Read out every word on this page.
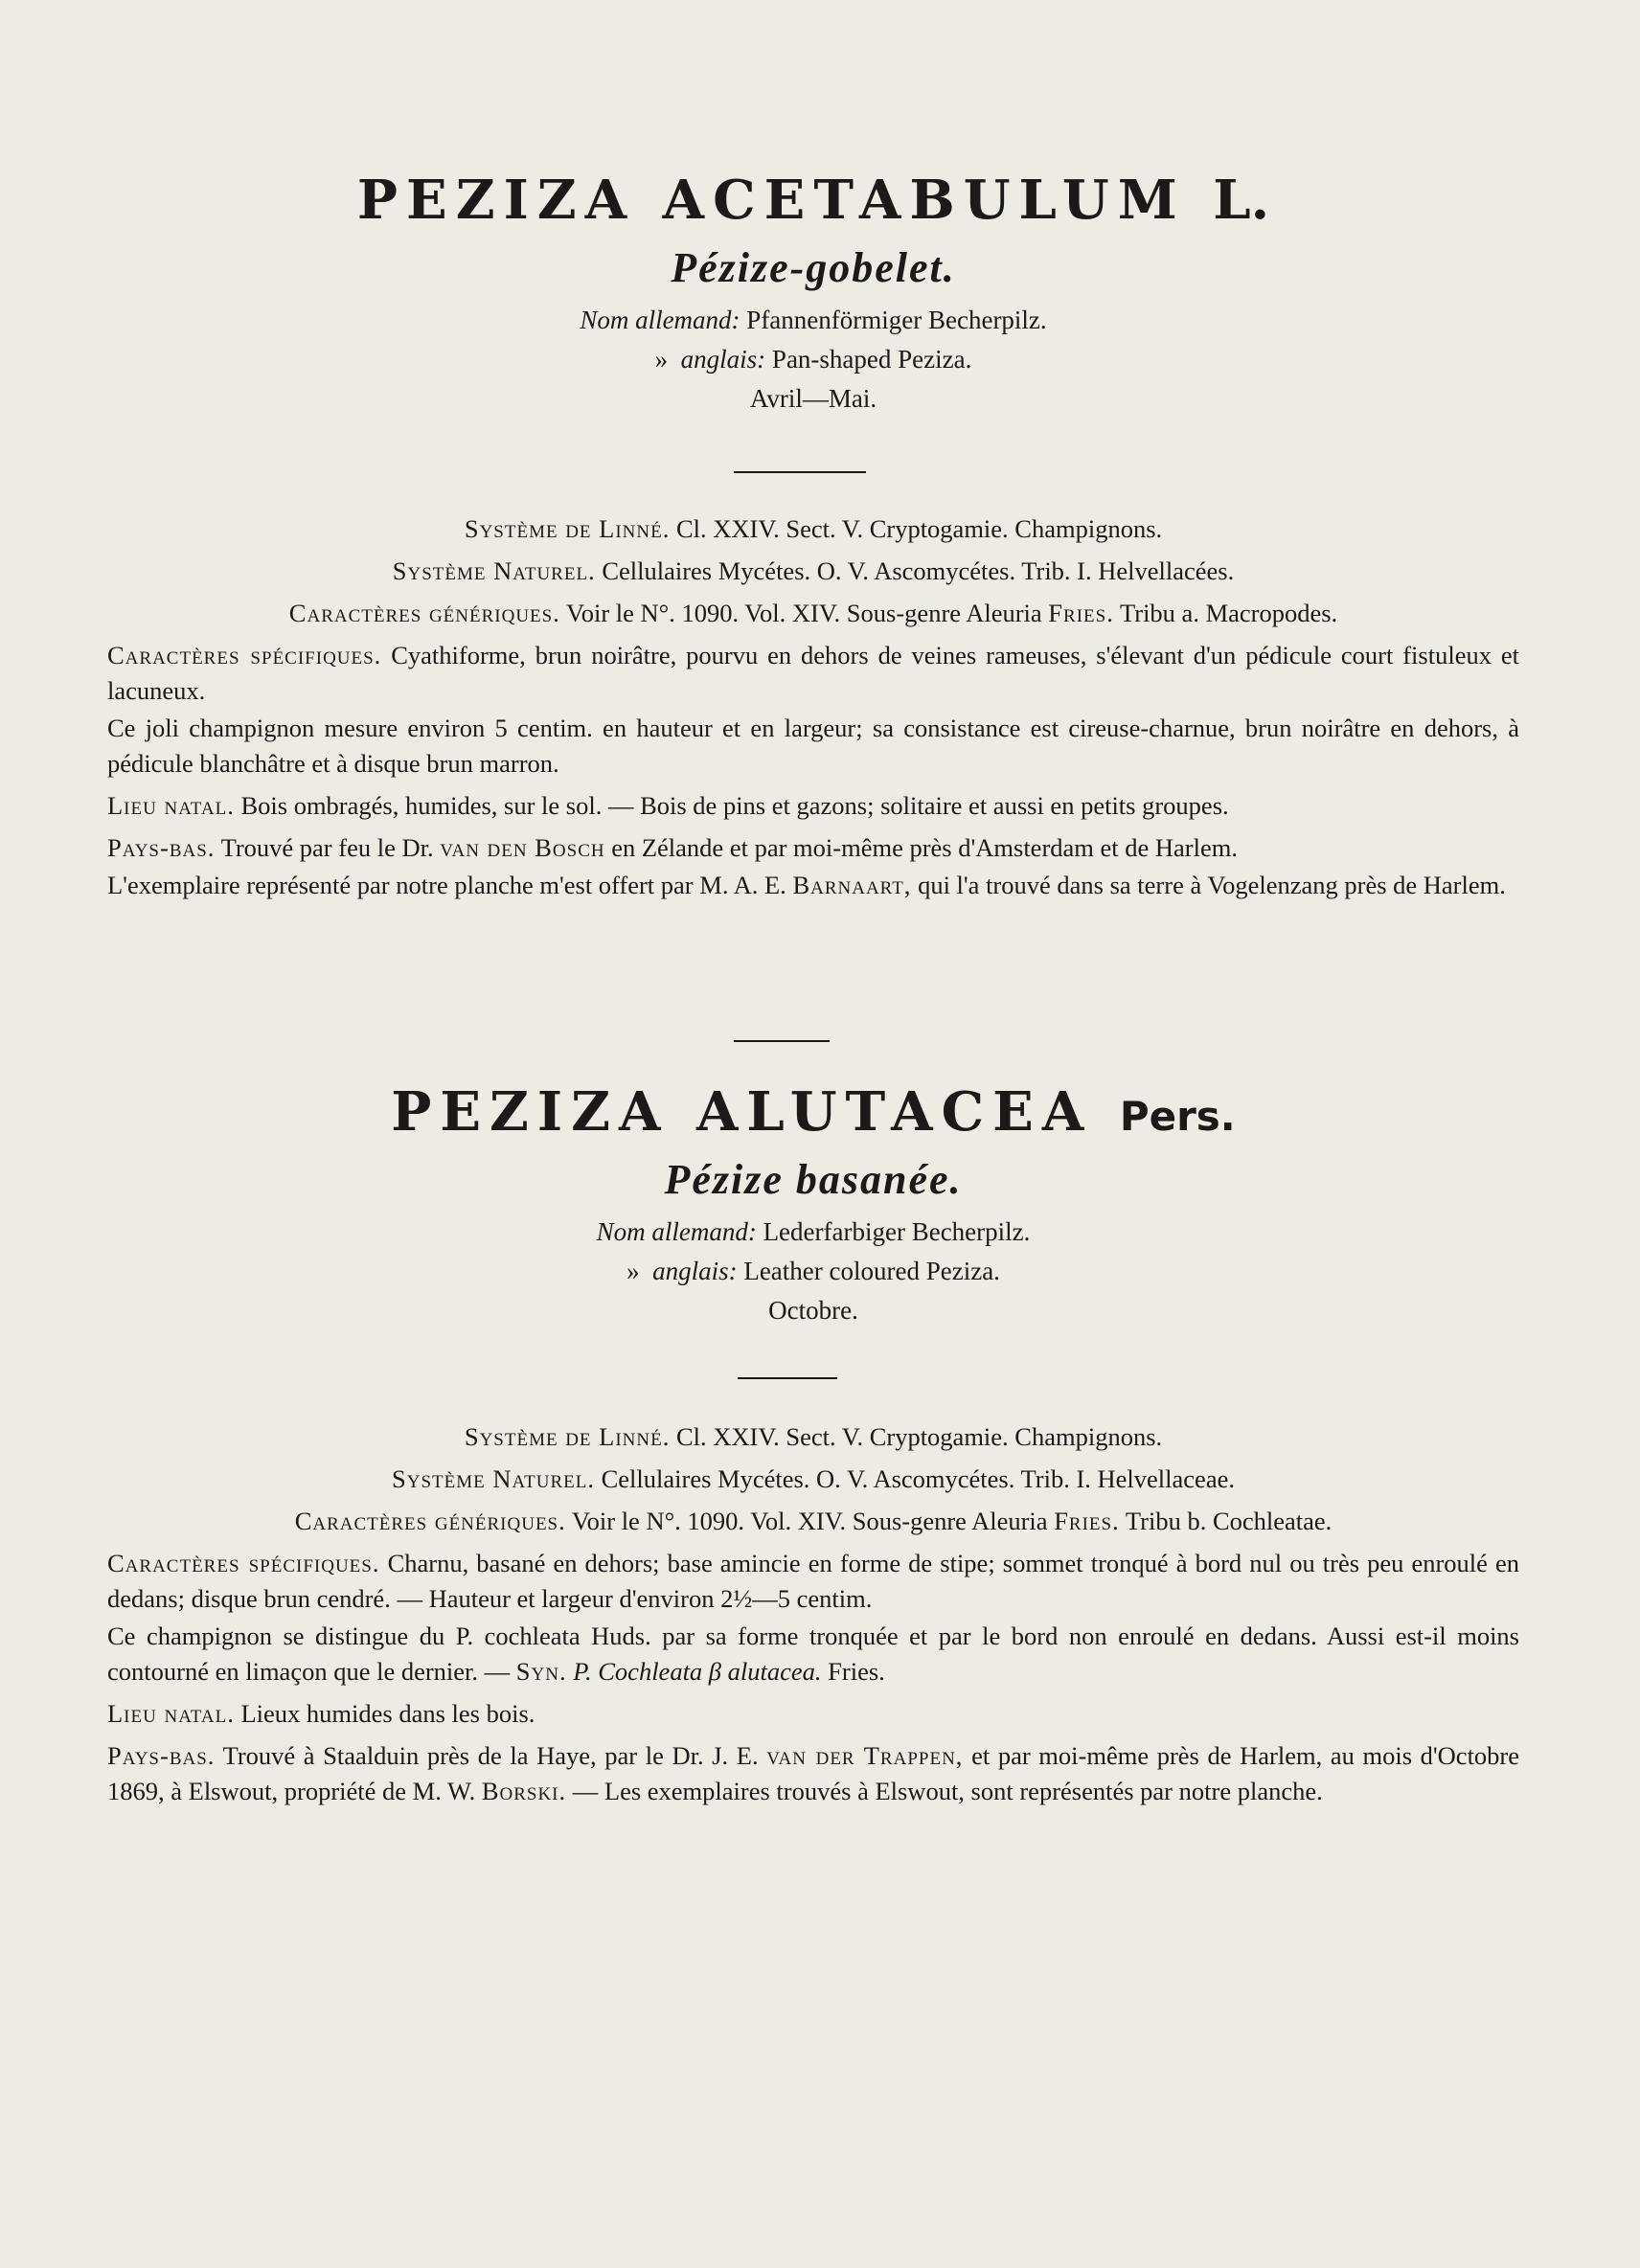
PEZIZA ACETABULUM L.

Pézize-gobelet.

Nom allemand: Pfannenförmiger Becherpilz.

» anglais: Pan-shaped Peziza.

Avril—Mai.

Système de Linné. Cl. XXIV. Sect. V. Cryptogamie. Champignons.

Système Naturel. Cellulaires Mycétes. O. V. Ascomycétes. Trib. I. Helvellacées.

Caractères génériques. Voir le N°. 1090. Vol. XIV. Sous-genre Aleuria Fries. Tribu a. Macropodes.

Caractères spécifiques. Cyathiforme, brun noirâtre, pourvu en dehors de veines rameuses, s'élevant d'un pédicule court fistuleux et lacuneux.

Ce joli champignon mesure environ 5 centim. en hauteur et en largeur; sa consistance est cireuse-charnue, brun noirâtre en dehors, à pédicule blanchâtre et à disque brun marron.

Lieu natal. Bois ombragés, humides, sur le sol. — Bois de pins et gazons; solitaire et aussi en petits groupes.

Pays-bas. Trouvé par feu le Dr. van den Bosch en Zélande et par moi-même près d'Amsterdam et de Harlem.

L'exemplaire représenté par notre planche m'est offert par M. A. E. Barnaart, qui l'a trouvé dans sa terre à Vogelenzang près de Harlem.

PEZIZA ALUTACEA Pers.

Pézize basanée.

Nom allemand: Lederfarbiger Becherpilz.

» anglais: Leather coloured Peziza.

Octobre.

Système de Linné. Cl. XXIV. Sect. V. Cryptogamie. Champignons.

Système Naturel. Cellulaires Mycétes. O. V. Ascomycétes. Trib. I. Helvellaceae.

Caractères génériques. Voir le N°. 1090. Vol. XIV. Sous-genre Aleuria Fries. Tribu b. Cochleatae.

Caractères spécifiques. Charnu, basané en dehors; base amincie en forme de stipe; sommet tronqué à bord nul ou très peu enroulé en dedans; disque brun cendré. — Hauteur et largeur d'environ 2½—5 centim.

Ce champignon se distingue du P. cochleata Huds. par sa forme tronquée et par le bord non enroulé en dedans. Aussi est-il moins contourné en limaçon que le dernier. — Syn. P. Cochleata β alutacea. Fries.

Lieu natal. Lieux humides dans les bois.

Pays-bas. Trouvé à Staalduin près de la Haye, par le Dr. J. E. van der Trappen, et par moi-même près de Harlem, au mois d'Octobre 1869, à Elswout, propriété de M. W. Borski. — Les exemplaires trouvés à Elswout, sont représentés par notre planche.
